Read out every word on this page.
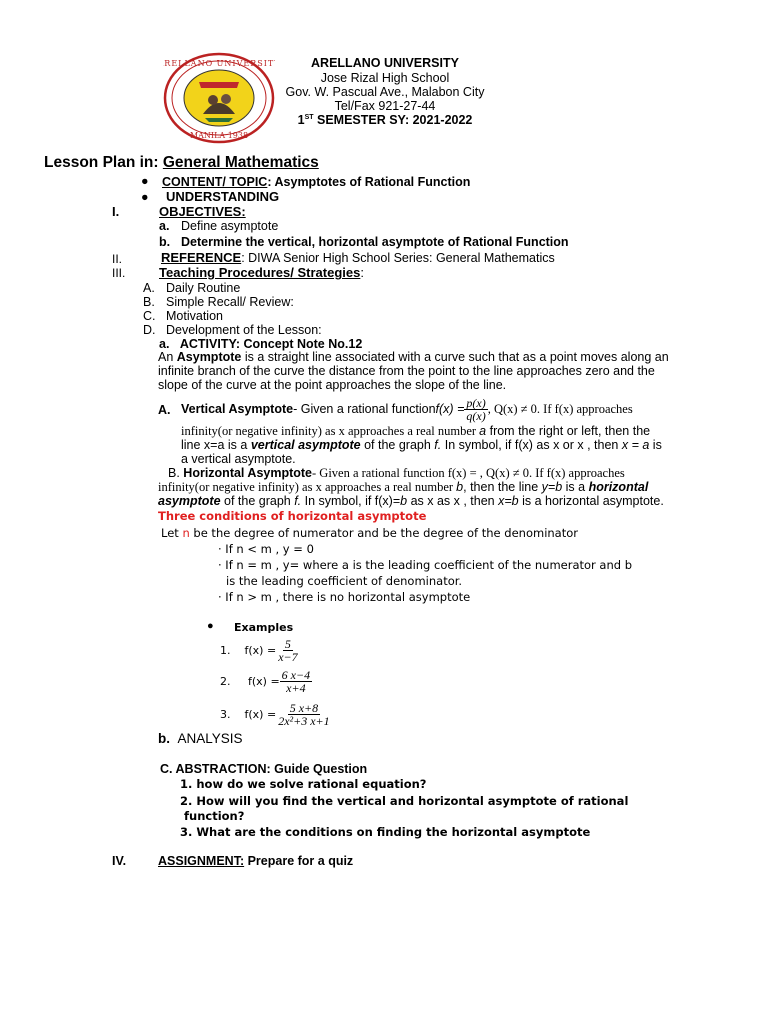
ARELLANO UNIVERSITY
MANILA 1938
ARELLANO UNIVERSITY
Jose Rizal High School
Gov. W. Pascual Ave., Malabon City
Tel/Fax 921-27-44
1ST SEMESTER SY: 2021-2022
Lesson Plan in: General Mathematics
● CONTENT/ TOPIC: Asymptotes of Rational Function
● UNDERSTANDING
I.	OBJECTIVES:
a. Define asymptote
b. Determine the vertical, horizontal asymptote of Rational Function
II.	REFERENCE: DIWA Senior High School Series: General Mathematics
III.	Teaching Procedures/ Strategies:
A. Daily Routine
B. Simple Recall/ Review:
C. Motivation
D. Development of the Lesson:
a. ACTIVITY: Concept Note No.12
An Asymptote is a straight line associated with a curve such that as a point moves along an
infinite branch of the curve the distance from the point to the line approaches zero and the
slope of the curve at the point approaches the slope of the line.
A. Vertical Asymptote - Given a rational function $f(x) = \frac{p(x)}{q(x)}$ , Q(x) ≠ 0. If f(x) approaches
infinity(or negative infinity) as x approaches a real number a from the right or left, then the
line x=a is a vertical asymptote of the graph f. In symbol, if f(x) as x or x , then x = a is
a vertical asymptote.
B. Horizontal Asymptote- Given a rational function f(x) = , Q(x) ≠ 0. If f(x) approaches
infinity(or negative infinity) as x approaches a real number b, then the line y=b is a horizontal
asymptote of the graph f. In symbol, if f(x)=b as x as x , then x=b is a horizontal asymptote.
Three conditions of horizontal asymptote
Let n be the degree of numerator and be the degree of the denominator
· If n < m , y = 0
· If n = m , y= where a is the leading coefficient of the numerator and b
is the leading coefficient of denominator.
· If n > m , there is no horizontal asymptote
● Examples
1.
$f(x) = \frac{5}{x-7}$
2.
$f(x) = \frac{6 x-4}{x+4}$
3.
$f(x) = \frac{5 x+8}{\text{2x²+3 x+1}}$
b. ANALYSIS
C. ABSTRACTION: Guide Question
1. how do we solve rational equation?
2. How will you find the vertical and horizontal asymptote of rational
function?
3. What are the conditions on finding the horizontal asymptote
IV.	ASSIGNMENT: Prepare for a quiz
